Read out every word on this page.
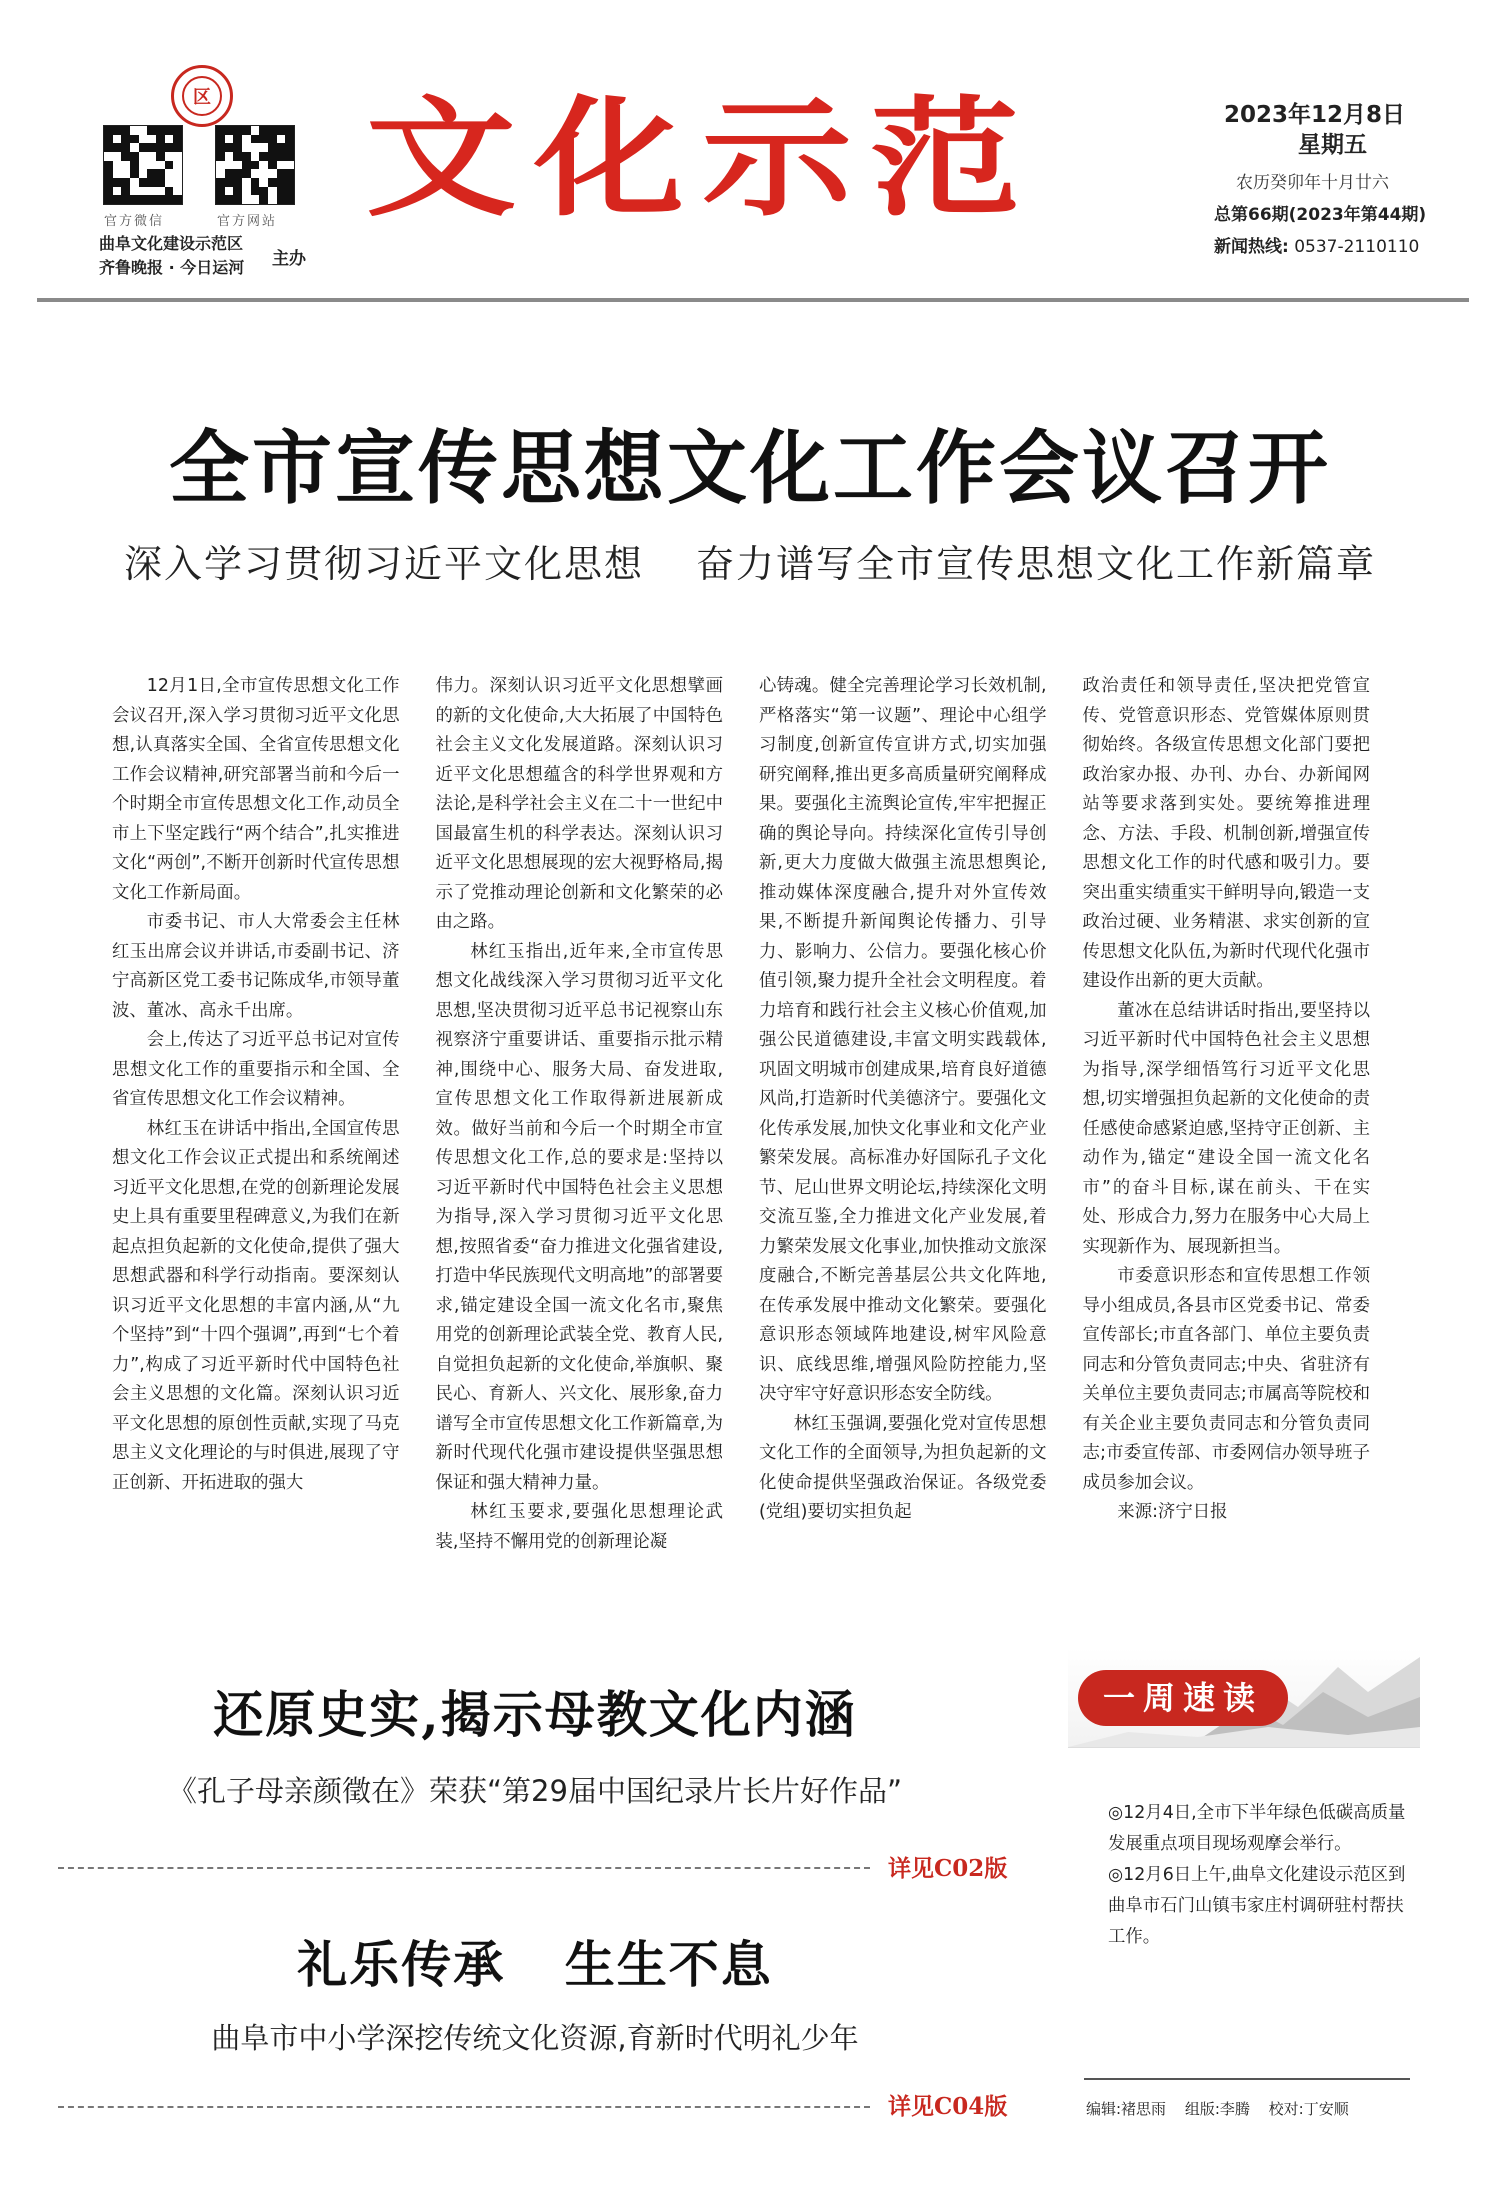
区
官方微信	官方网站
曲阜文化建设示范区
齐鲁晚报 · 今日运河 主办
文化示范	2023年12月8日
星期五
农历癸卯年十月廿六
总第66期(2023年第44期)
新闻热线: 0537-2110110
全市宣传思想文化工作会议召开
深入学习贯彻习近平文化思想 奋力谱写全市宣传思想文化工作新篇章

12月1日,全市宣传思想文化工作会议召开,深入学习贯彻习近平文化思想,认真落实全国、全省宣传思想文化工作会议精神,研究部署当前和今后一个时期全市宣传思想文化工作,动员全市上下坚定践行“两个结合”,扎实推进文化“两创”,不断开创新时代宣传思想文化工作新局面。

市委书记、市人大常委会主任林红玉出席会议并讲话,市委副书记、济宁高新区党工委书记陈成华,市领导董波、董冰、高永千出席。

会上,传达了习近平总书记对宣传思想文化工作的重要指示和全国、全省宣传思想文化工作会议精神。

林红玉在讲话中指出,全国宣传思想文化工作会议正式提出和系统阐述习近平文化思想,在党的创新理论发展史上具有重要里程碑意义,为我们在新起点担负起新的文化使命,提供了强大思想武器和科学行动指南。要深刻认识习近平文化思想的丰富内涵,从“九个坚持”到“十四个强调”,再到“七个着力”,构成了习近平新时代中国特色社会主义思想的文化篇。深刻认识习近平文化思想的原创性贡献,实现了马克思主义文化理论的与时俱进,展现了守正创新、开拓进取的强大

伟力。深刻认识习近平文化思想擘画的新的文化使命,大大拓展了中国特色社会主义文化发展道路。深刻认识习近平文化思想蕴含的科学世界观和方法论,是科学社会主义在二十一世纪中国最富生机的科学表达。深刻认识习近平文化思想展现的宏大视野格局,揭示了党推动理论创新和文化繁荣的必由之路。

林红玉指出,近年来,全市宣传思想文化战线深入学习贯彻习近平文化思想,坚决贯彻习近平总书记视察山东视察济宁重要讲话、重要指示批示精神,围绕中心、服务大局、奋发进取,宣传思想文化工作取得新进展新成效。做好当前和今后一个时期全市宣传思想文化工作,总的要求是:坚持以习近平新时代中国特色社会主义思想为指导,深入学习贯彻习近平文化思想,按照省委“奋力推进文化强省建设,打造中华民族现代文明高地”的部署要求,锚定建设全国一流文化名市,聚焦用党的创新理论武装全党、教育人民,自觉担负起新的文化使命,举旗帜、聚民心、育新人、兴文化、展形象,奋力谱写全市宣传思想文化工作新篇章,为新时代现代化强市建设提供坚强思想保证和强大精神力量。

林红玉要求,要强化思想理论武装,坚持不懈用党的创新理论凝

心铸魂。健全完善理论学习长效机制,严格落实“第一议题”、理论中心组学习制度,创新宣传宣讲方式,切实加强研究阐释,推出更多高质量研究阐释成果。要强化主流舆论宣传,牢牢把握正确的舆论导向。持续深化宣传引导创新,更大力度做大做强主流思想舆论,推动媒体深度融合,提升对外宣传效果,不断提升新闻舆论传播力、引导力、影响力、公信力。要强化核心价值引领,聚力提升全社会文明程度。着力培育和践行社会主义核心价值观,加强公民道德建设,丰富文明实践载体,巩固文明城市创建成果,培育良好道德风尚,打造新时代美德济宁。要强化文化传承发展,加快文化事业和文化产业繁荣发展。高标准办好国际孔子文化节、尼山世界文明论坛,持续深化文明交流互鉴,全力推进文化产业发展,着力繁荣发展文化事业,加快推动文旅深度融合,不断完善基层公共文化阵地,在传承发展中推动文化繁荣。要强化意识形态领域阵地建设,树牢风险意识、底线思维,增强风险防控能力,坚决守牢守好意识形态安全防线。

林红玉强调,要强化党对宣传思想文化工作的全面领导,为担负起新的文化使命提供坚强政治保证。各级党委(党组)要切实担负起

政治责任和领导责任,坚决把党管宣传、党管意识形态、党管媒体原则贯彻始终。各级宣传思想文化部门要把政治家办报、办刊、办台、办新闻网站等要求落到实处。要统筹推进理念、方法、手段、机制创新,增强宣传思想文化工作的时代感和吸引力。要突出重实绩重实干鲜明导向,锻造一支政治过硬、业务精湛、求实创新的宣传思想文化队伍,为新时代现代化强市建设作出新的更大贡献。

董冰在总结讲话时指出,要坚持以习近平新时代中国特色社会主义思想为指导,深学细悟笃行习近平文化思想,切实增强担负起新的文化使命的责任感使命感紧迫感,坚持守正创新、主动作为,锚定“建设全国一流文化名市”的奋斗目标,谋在前头、干在实处、形成合力,努力在服务中心大局上实现新作为、展现新担当。

市委意识形态和宣传思想工作领导小组成员,各县市区党委书记、常委宣传部长;市直各部门、单位主要负责同志和分管负责同志;中央、省驻济有关单位主要负责同志;市属高等院校和有关企业主要负责同志和分管负责同志;市委宣传部、市委网信办领导班子成员参加会议。

来源:济宁日报

还原史实,揭示母教文化内涵
《孔子母亲颜徵在》荣获“第29届中国纪录片长片好作品”
详见C02版
礼乐传承 生生不息
曲阜市中小学深挖传统文化资源,育新时代明礼少年
详见C04版
一周速读

◎12月4日,全市下半年绿色低碳高质量发展重点项目现场观摩会举行。

◎12月6日上午,曲阜文化建设示范区到曲阜市石门山镇韦家庄村调研驻村帮扶工作。

编辑:褚思雨 组版:李腾 校对:丁安顺
